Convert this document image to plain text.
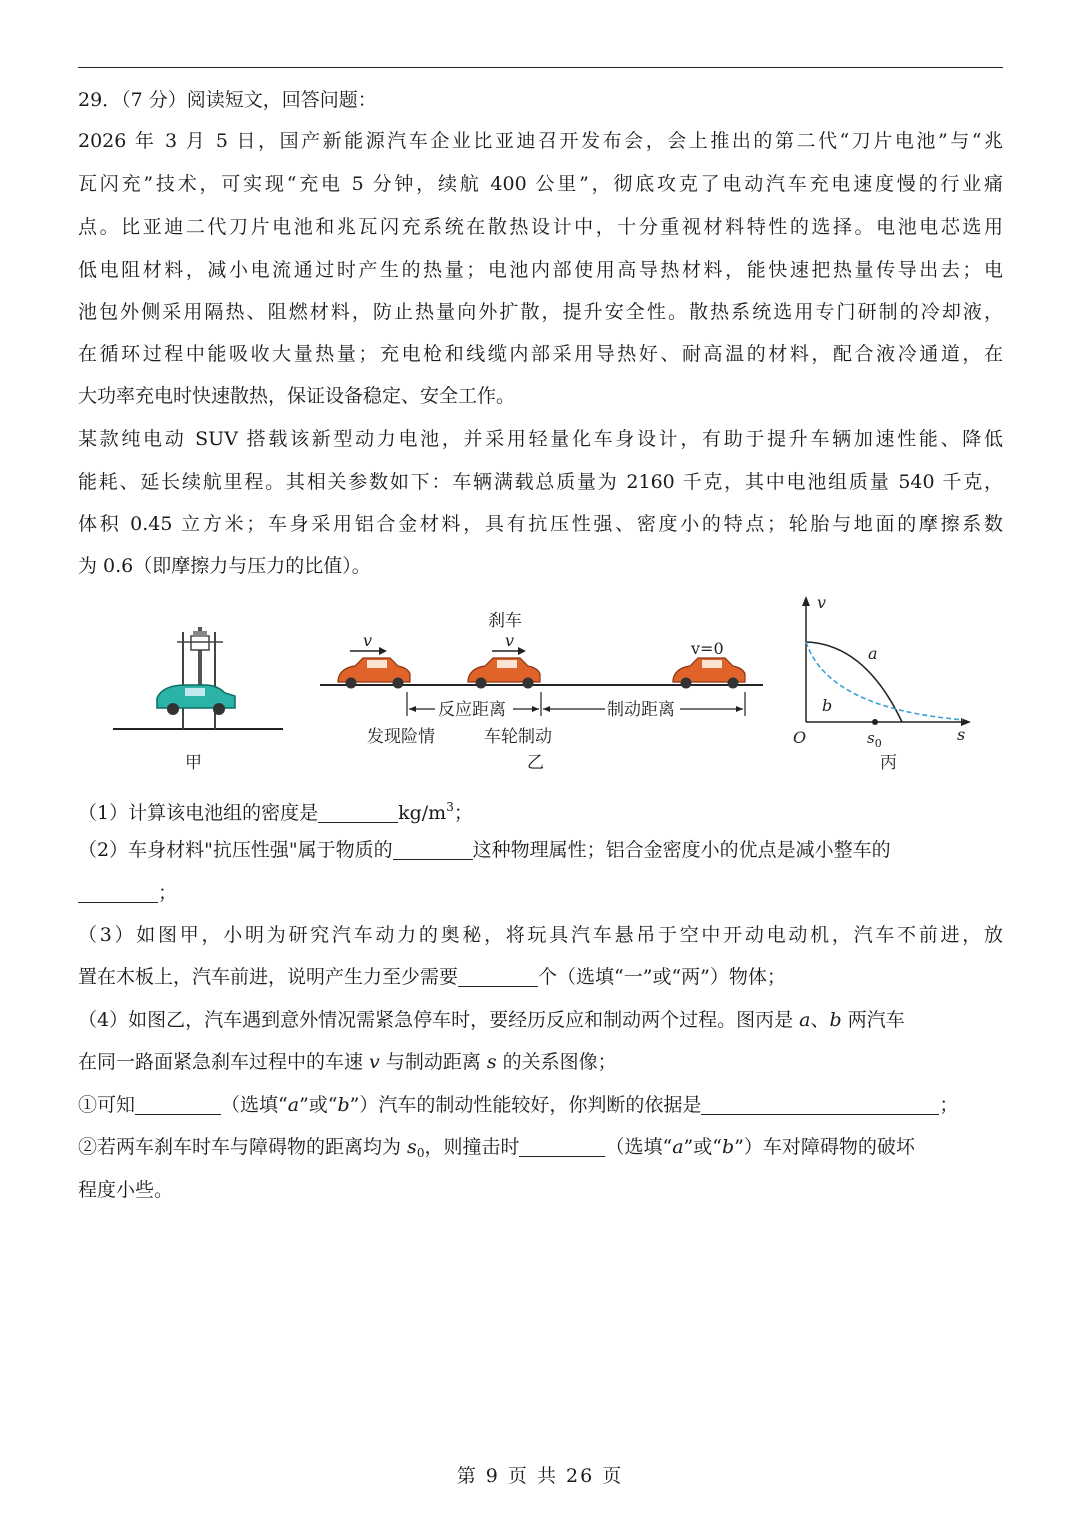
29．（7 分）阅读短文，回答问题：
2026 年 3 月 5 日，国产新能源汽车企业比亚迪召开发布会，会上推出的第二代“刀片电池”与“兆
瓦闪充”技术，可实现“充电 5 分钟，续航 400 公里”，彻底攻克了电动汽车充电速度慢的行业痛
点。比亚迪二代刀片电池和兆瓦闪充系统在散热设计中，十分重视材料特性的选择。电池电芯选用
低电阻材料，减小电流通过时产生的热量；电池内部使用高导热材料，能快速把热量传导出去；电
池包外侧采用隔热、阻燃材料，防止热量向外扩散，提升安全性。散热系统选用专门研制的冷却液，
在循环过程中能吸收大量热量；充电枪和线缆内部采用导热好、耐高温的材料，配合液冷通道，在
大功率充电时快速散热，保证设备稳定、安全工作。
某款纯电动 SUV 搭载该新型动力电池，并采用轻量化车身设计，有助于提升车辆加速性能、降低
能耗、延长续航里程。其相关参数如下：车辆满载总质量为 2160 千克，其中电池组质量 540 千克，
体积 0.45 立方米；车身采用铝合金材料，具有抗压性强、密度小的特点；轮胎与地面的摩擦系数
为 0.6（即摩擦力与压力的比值）。
甲
v
刹车
v	v=0
反应距离	制动距离
发现险情	车轮制动
乙
v
s
O
a
b
$s_0$
丙
（1）计算该电池组的密度是	$kg/m^3$；
（2）车身材料"抗压性强"属于物质的	这种物理属性；铝合金密度小的优点是减小整车的
；
（3）如图甲，小明为研究汽车动力的奥秘，将玩具汽车悬吊于空中开动电动机，汽车不前进，放
置在木板上，汽车前进，说明产生力至少需要	个（选填“一”或“两”）物体；
（4）如图乙，汽车遇到意外情况需紧急停车时，要经历反应和制动两个过程。图丙是 a、b 两汽车
在同一路面紧急刹车过程中的车速 v 与制动距离 s 的关系图像；
①可知	（选填“a”或“b”）汽车的制动性能较好，你判断的依据是	；
②若两车刹车时车与障碍物的距离均为 $s_0$，则撞击时	（选填“a”或“b”）车对障碍物的破坏
程度小些。
第 9 页 共 26 页
